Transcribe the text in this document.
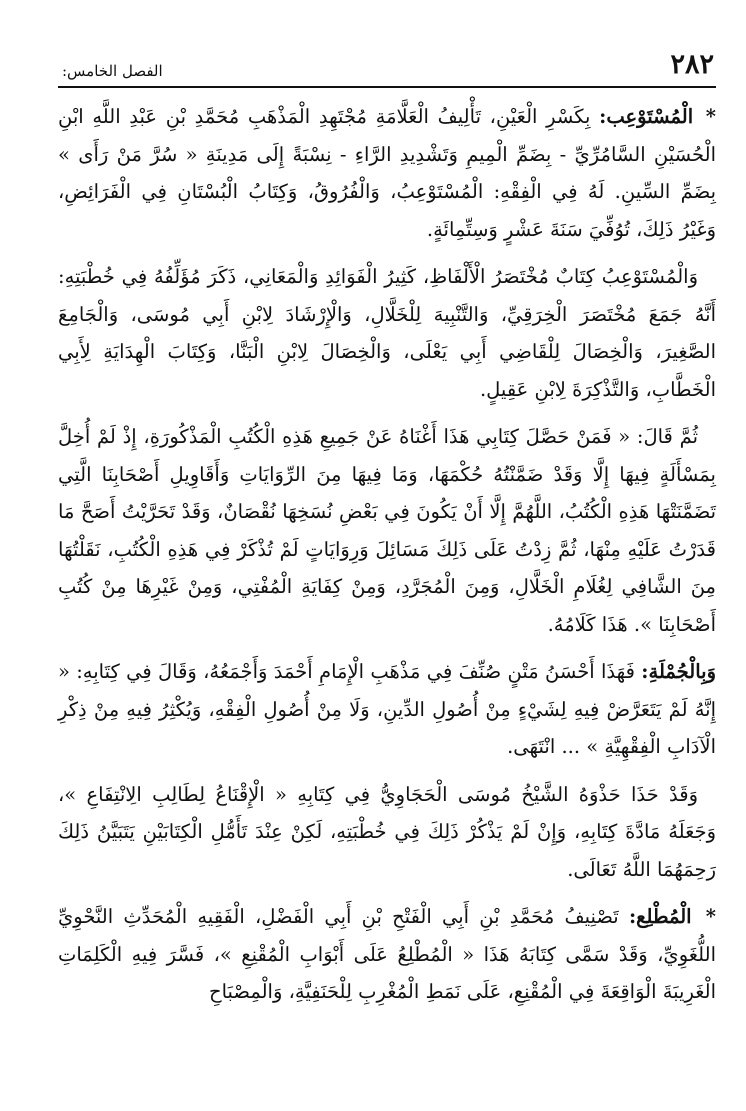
٢٨٢
الفصل الخامس:

* الْمُسْتَوْعِب: بِكَسْرِ الْعَيْنِ، تَأْلِيفُ الْعَلَّامَةِ مُجْتَهِدِ الْمَذْهَبِ مُحَمَّدِ بْنِ عَبْدِ اللَّهِ ابْنِ الْحُسَيْنِ السَّامُرِّيِّ - بِضَمِّ الْمِيمِ وَتَشْدِيدِ الرَّاءِ - نِسْبَةً إِلَى مَدِينَةِ « سُرَّ مَنْ رَأَى » بِضَمِّ السِّينِ. لَهُ فِي الْفِقْهِ: الْمُسْتَوْعِبُ، وَالْفُرُوقُ، وَكِتَابُ الْبُسْتَانِ فِي الْفَرَائِضِ، وَغَيْرُ ذَلِكَ، تُوُفِّيَ سَنَةَ عَشْرٍ وَسِتِّمِائَةٍ.

وَالْمُسْتَوْعِبُ كِتَابٌ مُخْتَصَرُ الْأَلْفَاظِ، كَثِيرُ الْفَوَائِدِ وَالْمَعَانِي، ذَكَرَ مُؤَلِّفُهُ فِي خُطْبَتِهِ: أَنَّهُ جَمَعَ مُخْتَصَرَ الْخِرَقِيِّ، وَالتَّنْبِيهَ لِلْخَلَّالِ، وَالْإِرْشَادَ لِابْنِ أَبِي مُوسَى، وَالْجَامِعَ الصَّغِيرَ، وَالْخِصَالَ لِلْقَاضِي أَبِي يَعْلَى، وَالْخِصَالَ لِابْنِ الْبَنَّا، وَكِتَابَ الْهِدَايَةِ لِأَبِي الْخَطَّابِ، وَالتَّذْكِرَةَ لِابْنِ عَقِيلٍ.

ثُمَّ قَالَ: « فَمَنْ حَصَّلَ كِتَابِي هَذَا أَغْنَاهُ عَنْ جَمِيعِ هَذِهِ الْكُتُبِ الْمَذْكُورَةِ، إِذْ لَمْ أُخِلَّ بِمَسْأَلَةٍ فِيهَا إِلَّا وَقَدْ ضَمَّنْتُهُ حُكْمَهَا، وَمَا فِيهَا مِنَ الرِّوَايَاتِ وَأَقَاوِيلِ أَصْحَابِنَا الَّتِي تَضَمَّنَتْهَا هَذِهِ الْكُتُبُ، اللَّهُمَّ إِلَّا أَنْ يَكُونَ فِي بَعْضِ نُسَخِهَا نُقْصَانٌ، وَقَدْ تَحَرَّيْتُ أَصَحَّ مَا قَدَرْتُ عَلَيْهِ مِنْهَا، ثُمَّ زِدْتُ عَلَى ذَلِكَ مَسَائِلَ وَرِوَايَاتٍ لَمْ تُذْكَرْ فِي هَذِهِ الْكُتُبِ، نَقَلْتُهَا مِنَ الشَّافِي لِغُلَامِ الْخَلَّالِ، وَمِنَ الْمُجَرَّدِ، وَمِنْ كِفَايَةِ الْمُفْتِي، وَمِنْ غَيْرِهَا مِنْ كُتُبِ أَصْحَابِنَا ». هَذَا كَلَامُهُ.

وَبِالْجُمْلَةِ: فَهَذَا أَحْسَنُ مَتْنٍ صُنِّفَ فِي مَذْهَبِ الْإِمَامِ أَحْمَدَ وَأَجْمَعُهُ، وَقَالَ فِي كِتَابِهِ: « إِنَّهُ لَمْ يَتَعَرَّضْ فِيهِ لِشَيْءٍ مِنْ أُصُولِ الدِّينِ، وَلَا مِنْ أُصُولِ الْفِقْهِ، وَيُكْثِرُ فِيهِ مِنْ ذِكْرِ الْآدَابِ الْفِقْهِيَّةِ » ... انْتَهَى.

وَقَدْ حَذَا حَذْوَهُ الشَّيْخُ مُوسَى الْحَجَاوِيُّ فِي كِتَابِهِ « الْإِقْنَاعُ لِطَالِبِ الِانْتِفَاعِ »، وَجَعَلَهُ مَادَّةَ كِتَابِهِ، وَإِنْ لَمْ يَذْكُرْ ذَلِكَ فِي خُطْبَتِهِ، لَكِنْ عِنْدَ تَأَمُّلِ الْكِتَابَيْنِ يَتَبَيَّنُ ذَلِكَ رَحِمَهُمَا اللَّهُ تَعَالَى.

* الْمُطْلِع: تَصْنِيفُ مُحَمَّدِ بْنِ أَبِي الْفَتْحِ بْنِ أَبِي الْفَضْلِ، الْفَقِيهِ الْمُحَدِّثِ النَّحْوِيِّ اللُّغَوِيِّ، وَقَدْ سَمَّى كِتَابَهُ هَذَا « الْمُطْلِعُ عَلَى أَبْوَابِ الْمُقْنِعِ »، فَسَّرَ فِيهِ الْكَلِمَاتِ الْغَرِيبَةَ الْوَاقِعَةَ فِي الْمُقْنِعِ، عَلَى نَمَطِ الْمُغْرِبِ لِلْحَنَفِيَّةِ، وَالْمِصْبَاحِ
